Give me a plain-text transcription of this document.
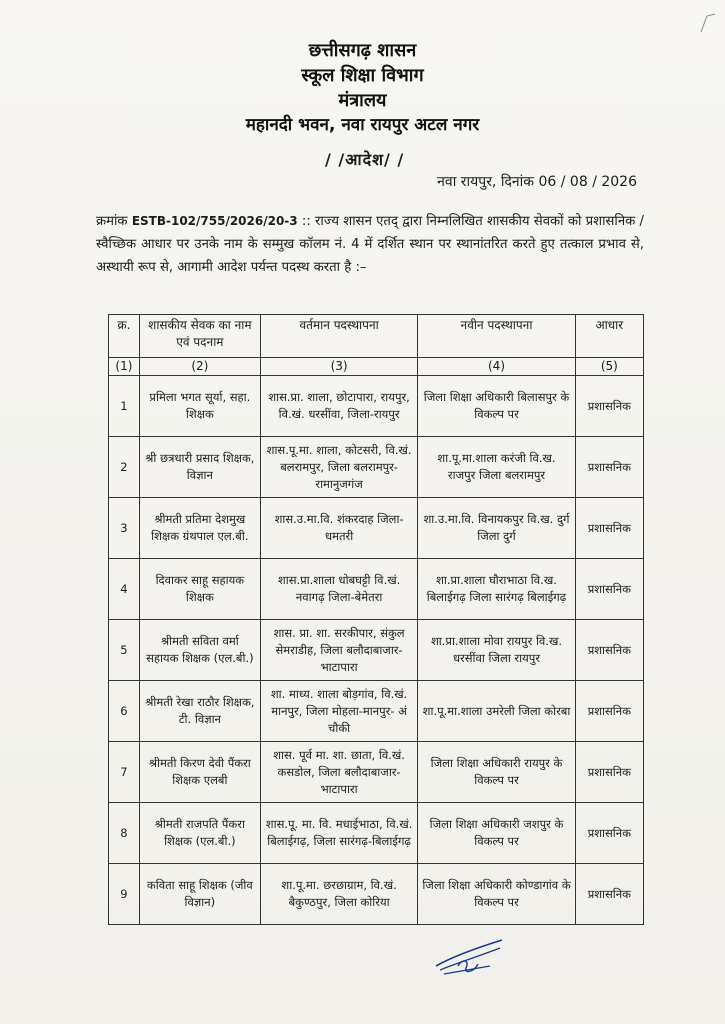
छत्तीसगढ़ शासन
स्कूल शिक्षा विभाग
मंत्रालय
महानदी भवन, नवा रायपुर अटल नगर
/ /आदेश/ /
नवा रायपुर, दिनांक 06 / 08 / 2026
क्रमांक ESTB-102/755/2026/20-3 :: राज्य शासन एतद् द्वारा निम्नलिखित शासकीय सेवकों को प्रशासनिक / स्वैच्छिक आधार पर उनके नाम के सम्मुख कॉलम नं. 4 में दर्शित स्थान पर स्थानांतरित करते हुए तत्काल प्रभाव से, अस्थायी रूप से, आगामी आदेश पर्यन्त पदस्थ करता है :–
क्र.	शासकीय सेवक का नाम एवं पदनाम	वर्तमान पदस्थापना	नवीन पदस्थापना	आधार
(1)	(2)	(3)	(4)	(5)
1	प्रमिला भगत सूर्या, सहा. शिक्षक	शास.प्रा. शाला, छोटापारा, रायपुर, वि.खं. धरसींवा, जिला-रायपुर	जिला शिक्षा अधिकारी बिलासपुर के विकल्प पर	प्रशासनिक
2	श्री छत्रधारी प्रसाद शिक्षक, विज्ञान	शास.पू.मा. शाला, कोटसरी, वि.खं. बलरामपुर, जिला बलरामपुर-रामानुजगंज	शा.पू.मा.शाला करंजी वि.ख. राजपुर जिला बलरामपुर	प्रशासनिक
3	श्रीमती प्रतिमा देशमुख शिक्षक ग्रंथपाल एल.बी.	शास.उ.मा.वि. शंकरदाह जिला-धमतरी	शा.उ.मा.वि. विनायकपुर वि.ख. दुर्ग जिला दुर्ग	प्रशासनिक
4	दिवाकर साहू सहायक शिक्षक	शास.प्रा.शाला धोबघट्टी वि.खं. नवागढ़ जिला-बेमेतरा	शा.प्रा.शाला घौराभाठा वि.ख. बिलाईगढ़ जिला सारंगढ़ बिलाईगढ़	प्रशासनिक
5	श्रीमती सविता वर्मा सहायक शिक्षक (एल.बी.)	शास. प्रा. शा. सरकीपार, संकुल सेमराडीह, जिला बलौदाबाजार- भाटापारा	शा.प्रा.शाला मोवा रायपुर वि.ख. धरसींवा जिला रायपुर	प्रशासनिक
6	श्रीमती रेखा राठौर शिक्षक, टी. विज्ञान	शा. माध्य. शाला बोड़गांव, वि.खं. मानपुर, जिला मोहला-मानपुर- अं चौकी	शा.पू.मा.शाला उमरेली जिला कोरबा	प्रशासनिक
7	श्रीमती किरण देवी पैंकरा शिक्षक एलबी	शास. पूर्व मा. शा. छाता, वि.खं. कसडोल, जिला बलौदाबाजार- भाटापारा	जिला शिक्षा अधिकारी रायपुर के विकल्प पर	प्रशासनिक
8	श्रीमती राजपति पैंकरा शिक्षक (एल.बी.)	शास.पू. मा. वि. मधाईभाठा, वि.खं. बिलाईगढ़, जिला सारंगढ़-बिलाईगढ़	जिला शिक्षा अधिकारी जशपुर के विकल्प पर	प्रशासनिक
9	कविता साहू शिक्षक (जीव विज्ञान)	शा.पू.मा. छरछाग्राम, वि.खं. बैकुण्ठपुर, जिला कोरिया	जिला शिक्षा अधिकारी कोण्डागांव के विकल्प पर	प्रशासनिक
